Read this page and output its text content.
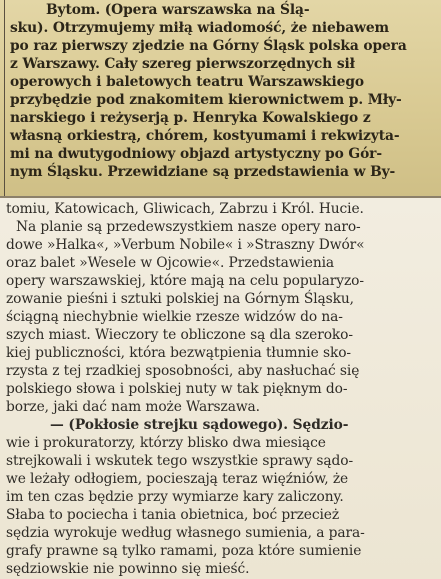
Bytom. (Opera warszawska na Ślą-
sku). Otrzymujemy miłą wiadomość, że niebawem
po raz pierwszy zjedzie na Górny Śląsk polska opera
z Warszawy. Cały szereg pierwszorzędnych sił
operowych i baletowych teatru Warszawskiego
przybędzie pod znakomitem kierownictwem p. Mły-
narskiego i reżyserją p. Henryka Kowalskiego z
własną orkiestrą, chórem, kostyumami i rekwizyta-
mi na dwutygodniowy objazd artystyczny po Gór-
nym Śląsku. Przewidziane są przedstawienia w By-
tomiu, Katowicach, Gliwicach, Zabrzu i Król. Hucie.
Na planie są przedewszystkiem nasze opery naro-
dowe »Halka«, »Verbum Nobile« i »Straszny Dwór«
oraz balet »Wesele w Ojcowie«. Przedstawienia
opery warszawskiej, które mają na celu popularyzo-
zowanie pieśni i sztuki polskiej na Górnym Śląsku,
ściągną niechybnie wielkie rzesze widzów do na-
szych miast. Wieczory te obliczone są dla szeroko-
kiej publiczności, która bezwątpienia tłumnie sko-
rzysta z tej rzadkiej sposobności, aby nasłuchać się
polskiego słowa i polskiej nuty w tak pięknym do-
borze, jaki dać nam może Warszawa.
— (Pokłosie strejku sądowego). Sędzio-
wie i prokuratorzy, którzy blisko dwa miesiące
strejkowali i wskutek tego wszystkie sprawy sądo-
we leżały odłogiem, pocieszają teraz więźniów, że
im ten czas będzie przy wymiarze kary zaliczony.
Słaba to pociecha i tania obietnica, boć przecież
sędzia wyrokuje według własnego sumienia, a para-
grafy prawne są tylko ramami, poza które sumienie
sędziowskie nie powinno się mieść.
